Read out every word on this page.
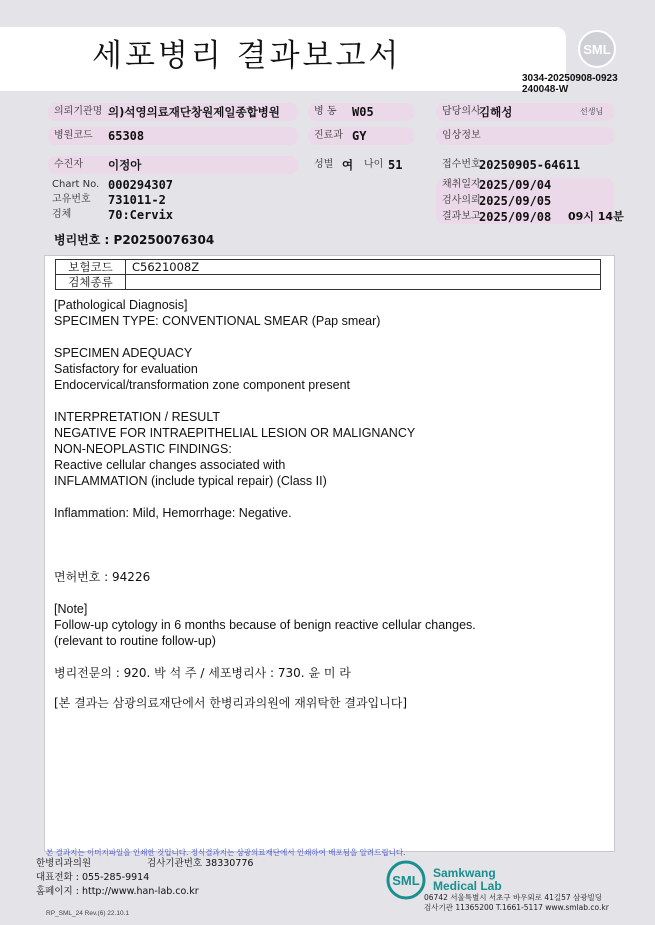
세포병리 결과보고서	SML
3034-20250908-0923
240048-W
의뢰기관명 의)석영의료재단창원제일종합병원	병 동 W05	담당의사
김해성	선생님
병원코드 65308	진료과 GY	임상정보
수진자 이정아	성별 여	나이 51	접수번호
20250905-64611
Chart No. 000294307
고유번호 731011-2
검체	70:Cervix
채취일자
2025/09/04
검사의뢰
2025/09/05
결과보고
2025/09/08 09시 14분
병리번호 : P20250076304
보험코드	C5621008Z
검체종류	
[Pathological Diagnosis]
SPECIMEN TYPE: CONVENTIONAL SMEAR (Pap smear)
SPECIMEN ADEQUACY
Satisfactory for evaluation
Endocervical/transformation zone component present
INTERPRETATION / RESULT
NEGATIVE FOR INTRAEPITHELIAL LESION OR MALIGNANCY
NON-NEOPLASTIC FINDINGS:
Reactive cellular changes associated with
INFLAMMATION (include typical repair) (Class II)
Inflammation: Mild, Hemorrhage: Negative.
면허번호 : 94226
[Note]
Follow-up cytology in 6 months because of benign reactive cellular changes.
(relevant to routine follow-up)
병리전문의 : 920. 박 석 주 / 세포병리사 : 730. 윤 미 라
[본 결과는 삼광의료재단에서 한병리과의원에 재위탁한 결과입니다]
본 결과지는 이미지파일을 인쇄한 것입니다. 정식결과지는 삼광의료재단에서 인쇄하여 배포됨을 알려드립니다.
한병리과의원	검사기관번호 38330776
대표전화 : 055-285-9914
홈페이지 : http://www.han-lab.co.kr
RP_SML_24 Rev.(6) 22.10.1
SML Samkwang
Medical Lab
06742 서울특별시 서초구 바우뫼로 41길57 삼광빌딩
검사기관 11365200 T.1661-5117 www.smlab.co.kr
